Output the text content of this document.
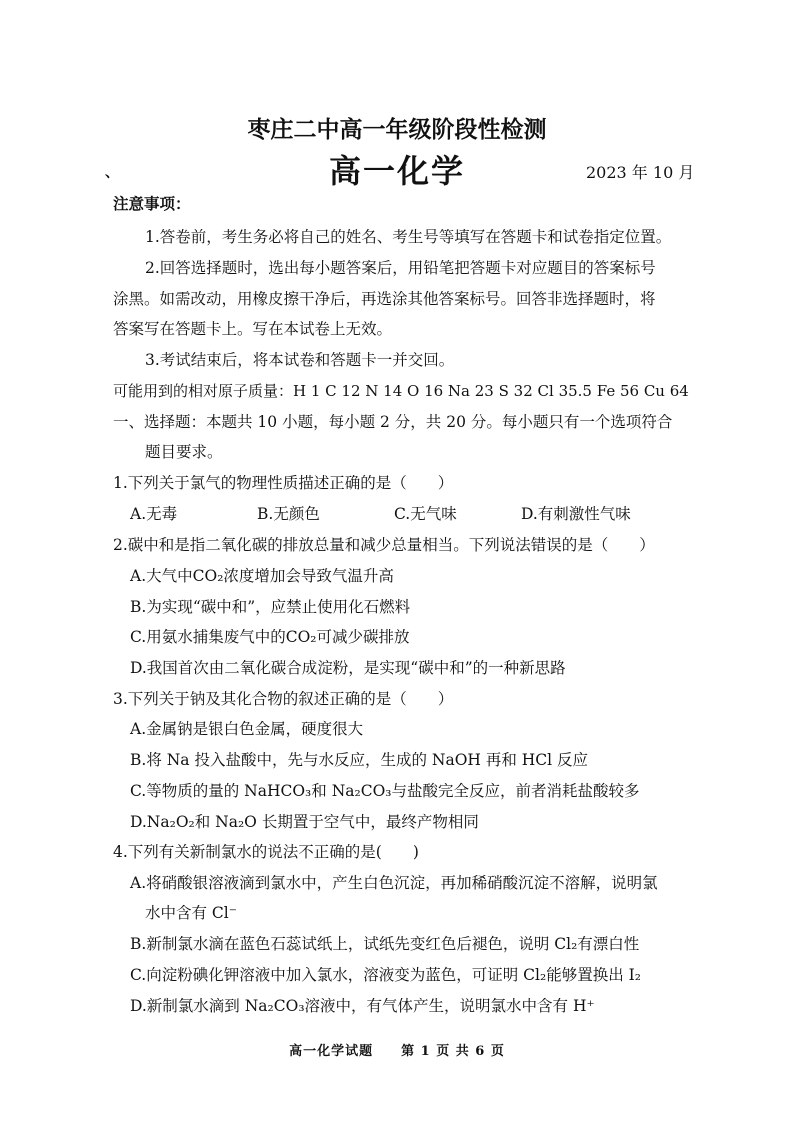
枣庄二中高一年级阶段性检测
、	高一化学	2023 年 10 月
注意事项：
1.答卷前，考生务必将自己的姓名、考生号等填写在答题卡和试卷指定位置。
2.回答选择题时，选出每小题答案后，用铅笔把答题卡对应题目的答案标号
涂黑。如需改动，用橡皮擦干净后，再选涂其他答案标号。回答非选择题时，将
答案写在答题卡上。写在本试卷上无效。
3.考试结束后，将本试卷和答题卡一并交回。
可能用到的相对原子质量：H 1 C 12 N 14 O 16 Na 23 S 32 Cl 35.5 Fe 56 Cu 64
一、选择题：本题共 10 小题，每小题 2 分，共 20 分。每小题只有一个选项符合
题目要求。
1.下列关于氯气的物理性质描述正确的是（　　）
A.无毒	B.无颜色	C.无气味	D.有刺激性气味
2.碳中和是指二氧化碳的排放总量和减少总量相当。下列说法错误的是（　　）
A.大气中CO₂浓度增加会导致气温升高
B.为实现“碳中和”，应禁止使用化石燃料
C.用氨水捕集废气中的CO₂可减少碳排放
D.我国首次由二氧化碳合成淀粉，是实现“碳中和”的一种新思路
3.下列关于钠及其化合物的叙述正确的是（　　）
A.金属钠是银白色金属，硬度很大
B.将 Na 投入盐酸中，先与水反应，生成的 NaOH 再和 HCl 反应
C.等物质的量的 NaHCO₃和 Na₂CO₃与盐酸完全反应，前者消耗盐酸较多
D.Na₂O₂和 Na₂O 长期置于空气中，最终产物相同
4.下列有关新制氯水的说法不正确的是(　　)
A.将硝酸银溶液滴到氯水中，产生白色沉淀，再加稀硝酸沉淀不溶解，说明氯
水中含有 Cl⁻
B.新制氯水滴在蓝色石蕊试纸上，试纸先变红色后褪色，说明 Cl₂有漂白性
C.向淀粉碘化钾溶液中加入氯水，溶液变为蓝色，可证明 Cl₂能够置换出 I₂
D.新制氯水滴到 Na₂CO₃溶液中，有气体产生，说明氯水中含有 H⁺
高一化学试题　　第 1 页 共 6 页
